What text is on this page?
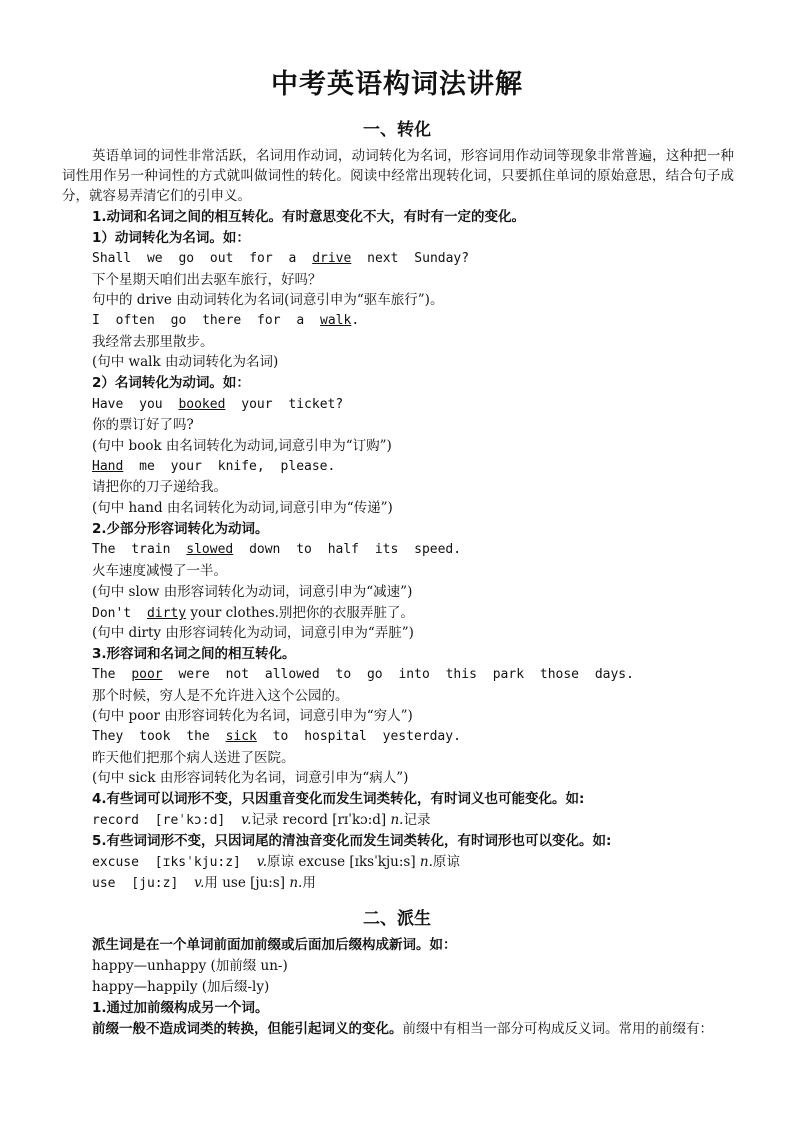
中考英语构词法讲解
一、转化
英语单词的词性非常活跃，名词用作动词，动词转化为名词，形容词用作动词等现象非常普遍，这种把一种词性用作另一种词性的方式就叫做词性的转化。阅读中经常出现转化词，只要抓住单词的原始意思，结合句子成分，就容易弄清它们的引申义。
1.动词和名词之间的相互转化。有时意思变化不大，有时有一定的变化。
1）动词转化为名词。如：
Shall we go out for a drive next Sunday?
下个星期天咱们出去驱车旅行，好吗？
句中的 drive 由动词转化为名词(词意引申为“驱车旅行”)。
I often go there for a walk.
我经常去那里散步。
(句中 walk 由动词转化为名词)
2）名词转化为动词。如：
Have you booked your ticket?
你的票订好了吗?
(句中 book 由名词转化为动词,词意引申为“订购”)
Hand me your knife, please.
请把你的刀子递给我。
(句中 hand 由名词转化为动词,词意引申为“传递”)
2.少部分形容词转化为动词。
The train slowed down to half its speed.
火车速度减慢了一半。
(句中 slow 由形容词转化为动词，词意引申为“减速”)
Don't dirty your clothes.别把你的衣服弄脏了。
(句中 dirty 由形容词转化为动词，词意引申为“弄脏”)
3.形容词和名词之间的相互转化。
The poor were not allowed to go into this park those days.
那个时候，穷人是不允许进入这个公园的。
(句中 poor 由形容词转化为名词，词意引申为“穷人”)
They took the sick to hospital yesterday.
昨天他们把那个病人送进了医院。
(句中 sick 由形容词转化为名词，词意引申为“病人”)
4.有些词可以词形不变，只因重音变化而发生词类转化，有时词义也可能变化。如:
record [reˈkɔ:d] v.记录 record [rɪˈkɔ:d] n.记录
5.有些词词形不变，只因词尾的清浊音变化而发生词类转化，有时词形也可以变化。如:
excuse [ɪksˈkju:z] v.原谅 excuse [ɪksˈkju:s] n.原谅
use [ju:z] v.用 use [ju:s] n.用
二、派生
派生词是在一个单词前面加前缀或后面加后缀构成新词。如：
happy—unhappy (加前缀 un-)
happy—happily (加后缀-ly)
1.通过加前缀构成另一个词。
前缀一般不造成词类的转换，但能引起词义的变化。前缀中有相当一部分可构成反义词。常用的前缀有：
